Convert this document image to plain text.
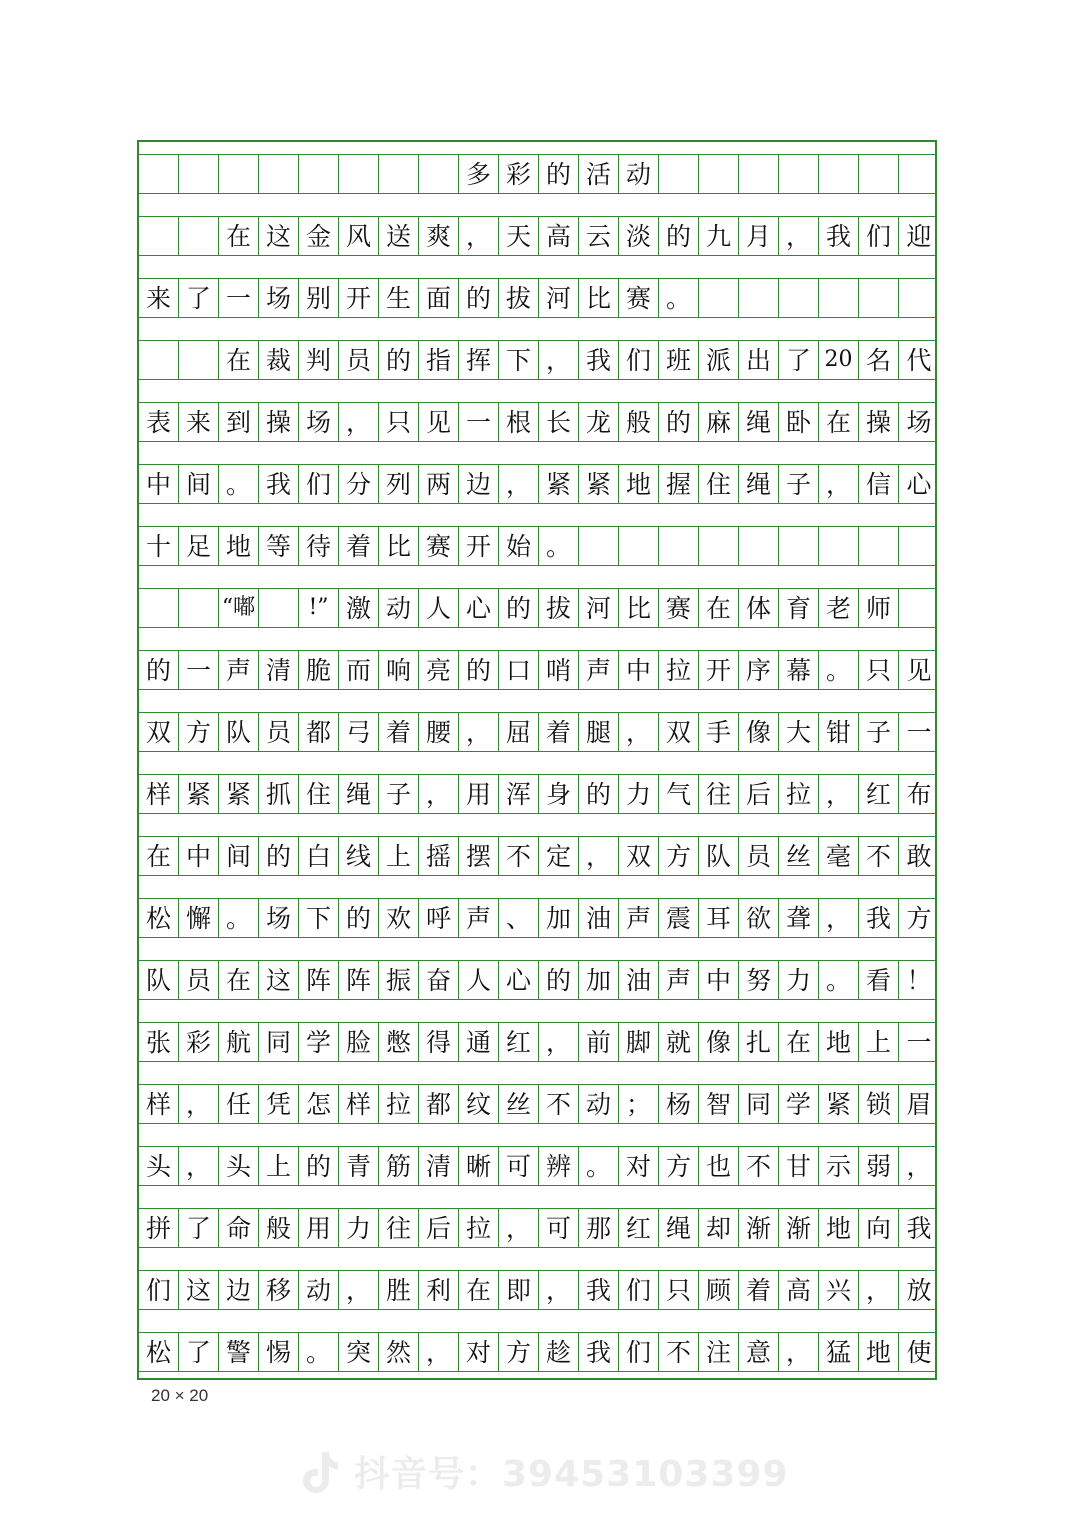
多 彩 的 活 动
在 这 金 风 送 爽 ， 天 高 云 淡 的 九 月 ， 我 们 迎
来 了 一 场 别 开 生 面 的 拔 河 比 赛 。
在 裁 判 员 的 指 挥 下 ， 我 们 班 派 出 了 20 名 代
表 来 到 操 场 ， 只 见 一 根 长 龙 般 的 麻 绳 卧 在 操 场
中 间 。 我 们 分 列 两 边 ， 紧 紧 地 握 住 绳 子 ， 信 心
十 足 地 等 待 着 比 赛 开 始 。
“嘟	!” 激 动 人 心 的 拔 河 比 赛 在 体 育 老 师
的 一 声 清 脆 而 响 亮 的 口 哨 声 中 拉 开 序 幕 。 只 见
双 方 队 员 都 弓 着 腰 ， 屈 着 腿 ， 双 手 像 大 钳 子 一
样 紧 紧 抓 住 绳 子 ， 用 浑 身 的 力 气 往 后 拉 ， 红 布
在 中 间 的 白 线 上 摇 摆 不 定 ， 双 方 队 员 丝 毫 不 敢
松 懈 。 场 下 的 欢 呼 声 、 加 油 声 震 耳 欲 聋 ， 我 方
队 员 在 这 阵 阵 振 奋 人 心 的 加 油 声 中 努 力 。 看 ！
张 彩 航 同 学 脸 憋 得 通 红 ， 前 脚 就 像 扎 在 地 上 一
样 ， 任 凭 怎 样 拉 都 纹 丝 不 动 ； 杨 智 同 学 紧 锁 眉
头 ， 头 上 的 青 筋 清 晰 可 辨 。 对 方 也 不 甘 示 弱 ，
拼 了 命 般 用 力 往 后 拉 ， 可 那 红 绳 却 渐 渐 地 向 我
们 这 边 移 动 ， 胜 利 在 即 ， 我 们 只 顾 着 高 兴 ， 放
松 了 警 惕 。 突 然 ， 对 方 趁 我 们 不 注 意 ， 猛 地 使
20 × 20
抖音号：39453103399
